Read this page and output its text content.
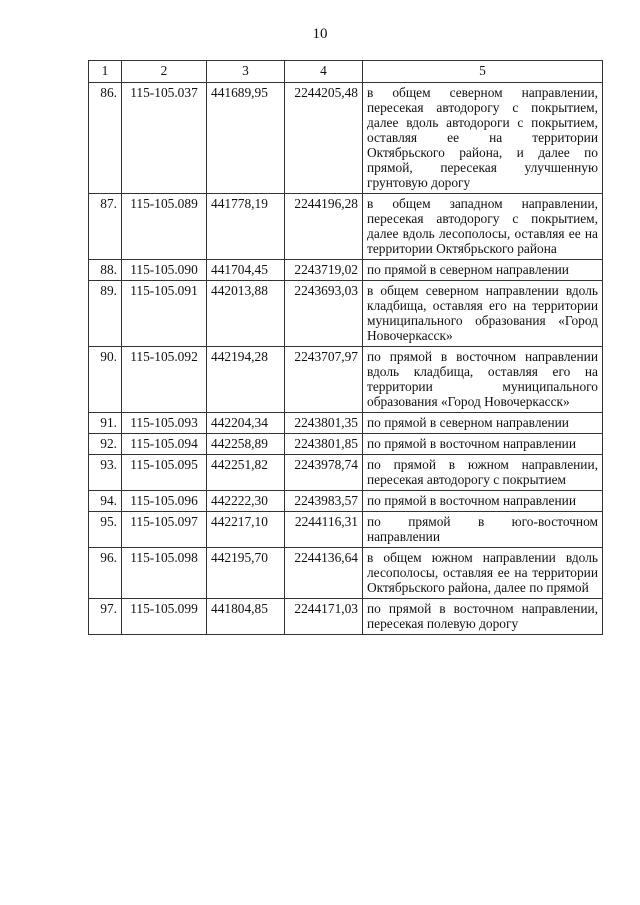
10
1	2	3	4	5
86.	115-105.037	441689,95	2244205,48	в общем северном направлении, пересекая автодорогу с покрытием, далее вдоль автодороги с покрытием, оставляя ее на территории Октябрьского района, и далее по прямой, пересекая улучшенную грунтовую дорогу
87.	115-105.089	441778,19	2244196,28	в общем западном направлении, пересекая автодорогу с покрытием, далее вдоль лесополосы, оставляя ее на территории Октябрьского района
88.	115-105.090	441704,45	2243719,02	по прямой в северном направлении
89.	115-105.091	442013,88	2243693,03	в общем северном направлении вдоль кладбища, оставляя его на территории муниципального образования «Город Новочеркасск»
90.	115-105.092	442194,28	2243707,97	по прямой в восточном направлении вдоль кладбища, оставляя его на территории муниципального образования «Город Новочеркасск»
91.	115-105.093	442204,34	2243801,35	по прямой в северном направлении
92.	115-105.094	442258,89	2243801,85	по прямой в восточном направлении
93.	115-105.095	442251,82	2243978,74	по прямой в южном направлении, пересекая автодорогу с покрытием
94.	115-105.096	442222,30	2243983,57	по прямой в восточном направлении
95.	115-105.097	442217,10	2244116,31	по прямой в юго-восточном направлении
96.	115-105.098	442195,70	2244136,64	в общем южном направлении вдоль лесополосы, оставляя ее на территории Октябрьского района, далее по прямой
97.	115-105.099	441804,85	2244171,03	по прямой в восточном направлении, пересекая полевую дорогу
